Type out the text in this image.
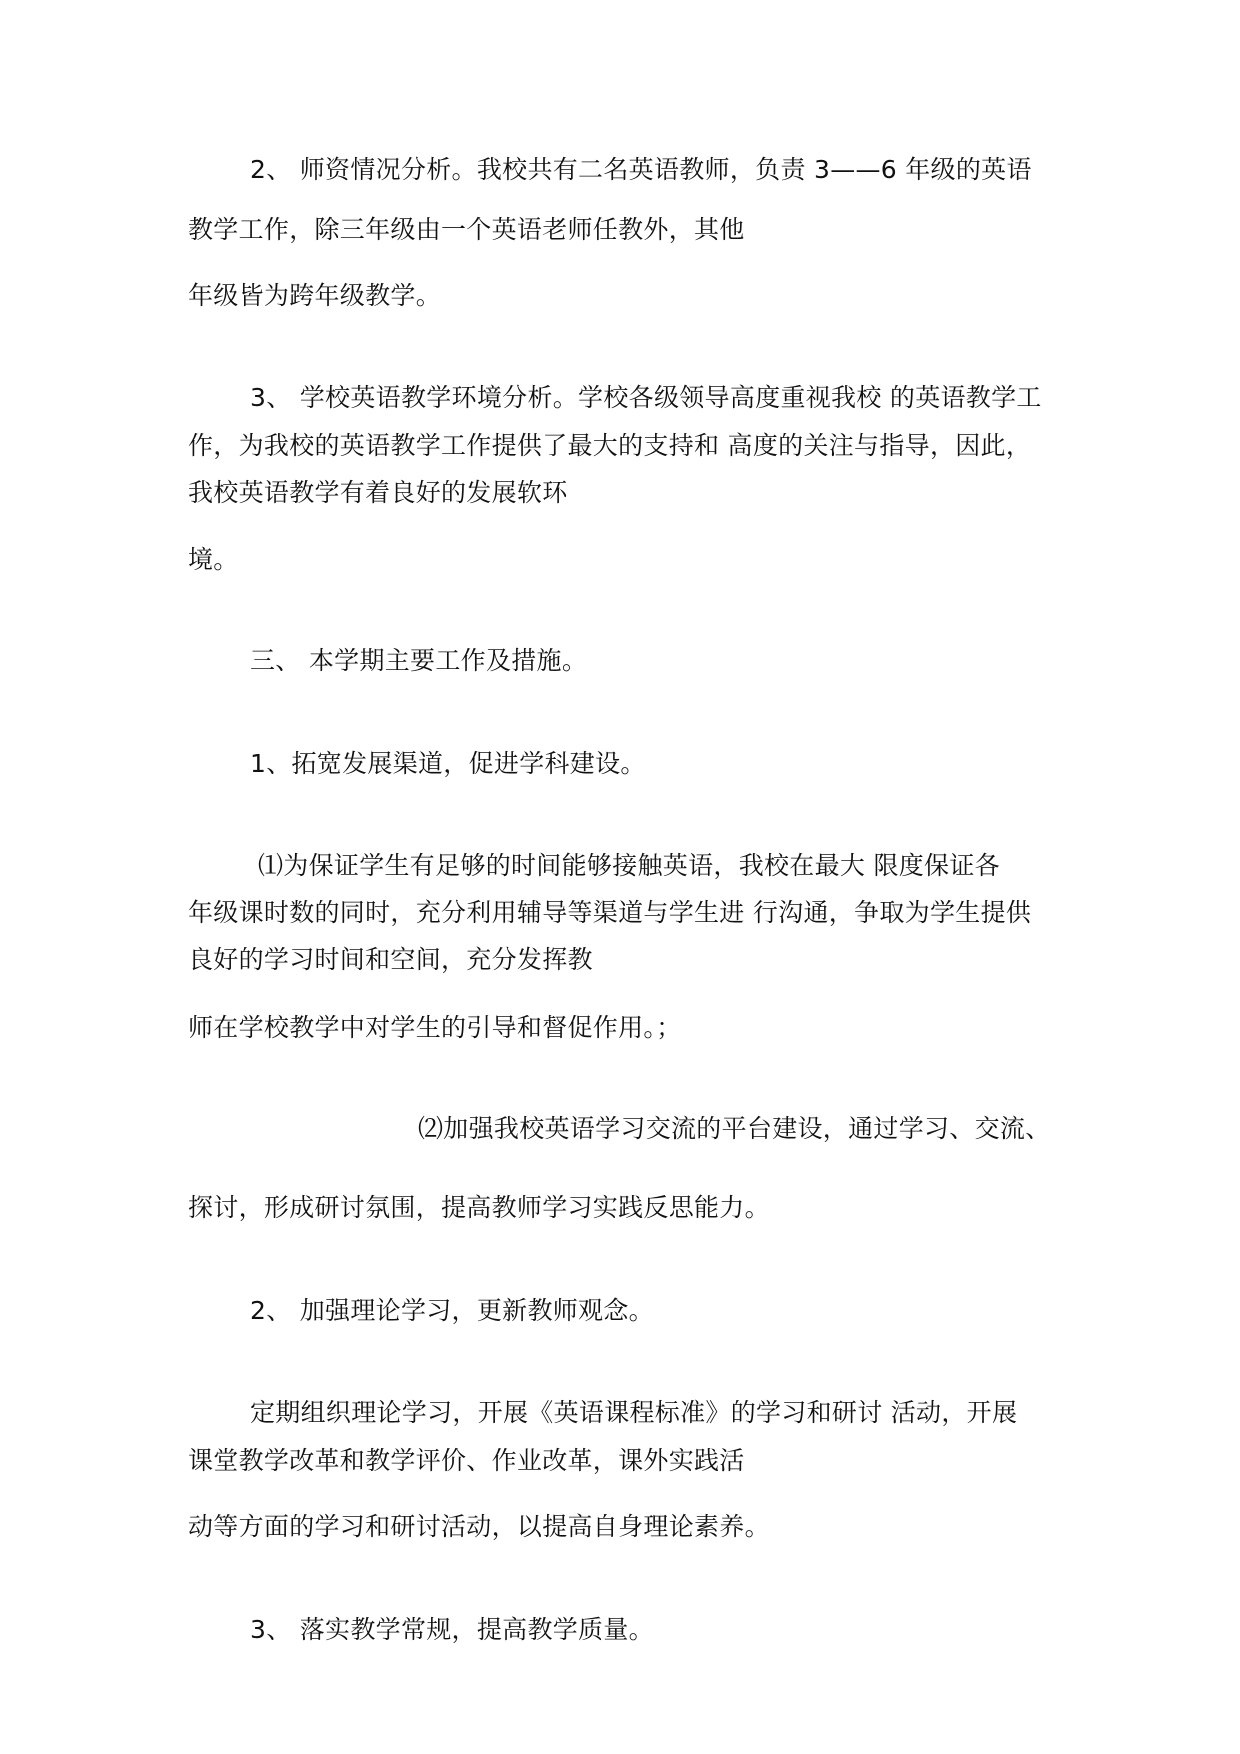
2、 师资情况分析。我校共有二名英语教师，负责 3——6 年级的英语
教学工作，除三年级由一个英语老师任教外，其他
年级皆为跨年级教学。
3、 学校英语教学环境分析。学校各级领导高度重视我校 的英语教学工
作，为我校的英语教学工作提供了最大的支持和 高度的关注与指导，因此，
我校英语教学有着良好的发展软环
境。
三、 本学期主要工作及措施。
1、拓宽发展渠道，促进学科建设。
⑴为保证学生有足够的时间能够接触英语，我校在最大 限度保证各
年级课时数的同时，充分利用辅导等渠道与学生进 行沟通，争取为学生提供
良好的学习时间和空间，充分发挥教
师在学校教学中对学生的引导和督促作用。；
⑵加强我校英语学习交流的平台建设，通过学习、交流、
探讨，形成研讨氛围，提高教师学习实践反思能力。
2、 加强理论学习，更新教师观念。
定期组织理论学习，开展《英语课程标准》的学习和研讨 活动，开展
课堂教学改革和教学评价、作业改革，课外实践活
动等方面的学习和研讨活动，以提高自身理论素养。
3、 落实教学常规，提高教学质量。
